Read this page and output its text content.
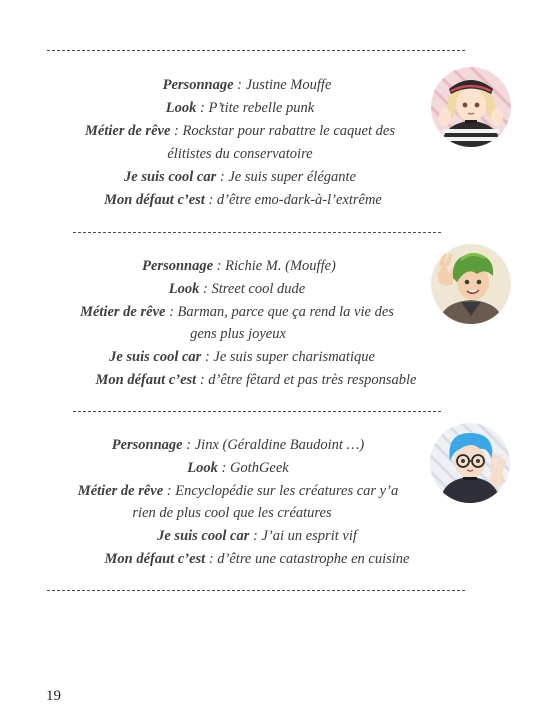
Personnage : Justine Mouffe
Look : P’tite rebelle punk
Métier de rêve : Rockstar pour rabattre le caquet des
élitistes du conservatoire
Je suis cool car : Je suis super élégante
Mon défaut c’est : d’être emo-dark-à-l’extrême
Personnage : Richie M. (Mouffe)
Look : Street cool dude
Métier de rêve : Barman, parce que ça rend la vie des
gens plus joyeux
Je suis cool car : Je suis super charismatique
Mon défaut c’est : d’être fêtard et pas très responsable
Personnage : Jinx (Géraldine Baudoint …)
Look : GothGeek
Métier de rêve : Encyclopédie sur les créatures car y’a
rien de plus cool que les créatures
Je suis cool car : J’ai un esprit vif
Mon défaut c’est : d’être une catastrophe en cuisine
19
